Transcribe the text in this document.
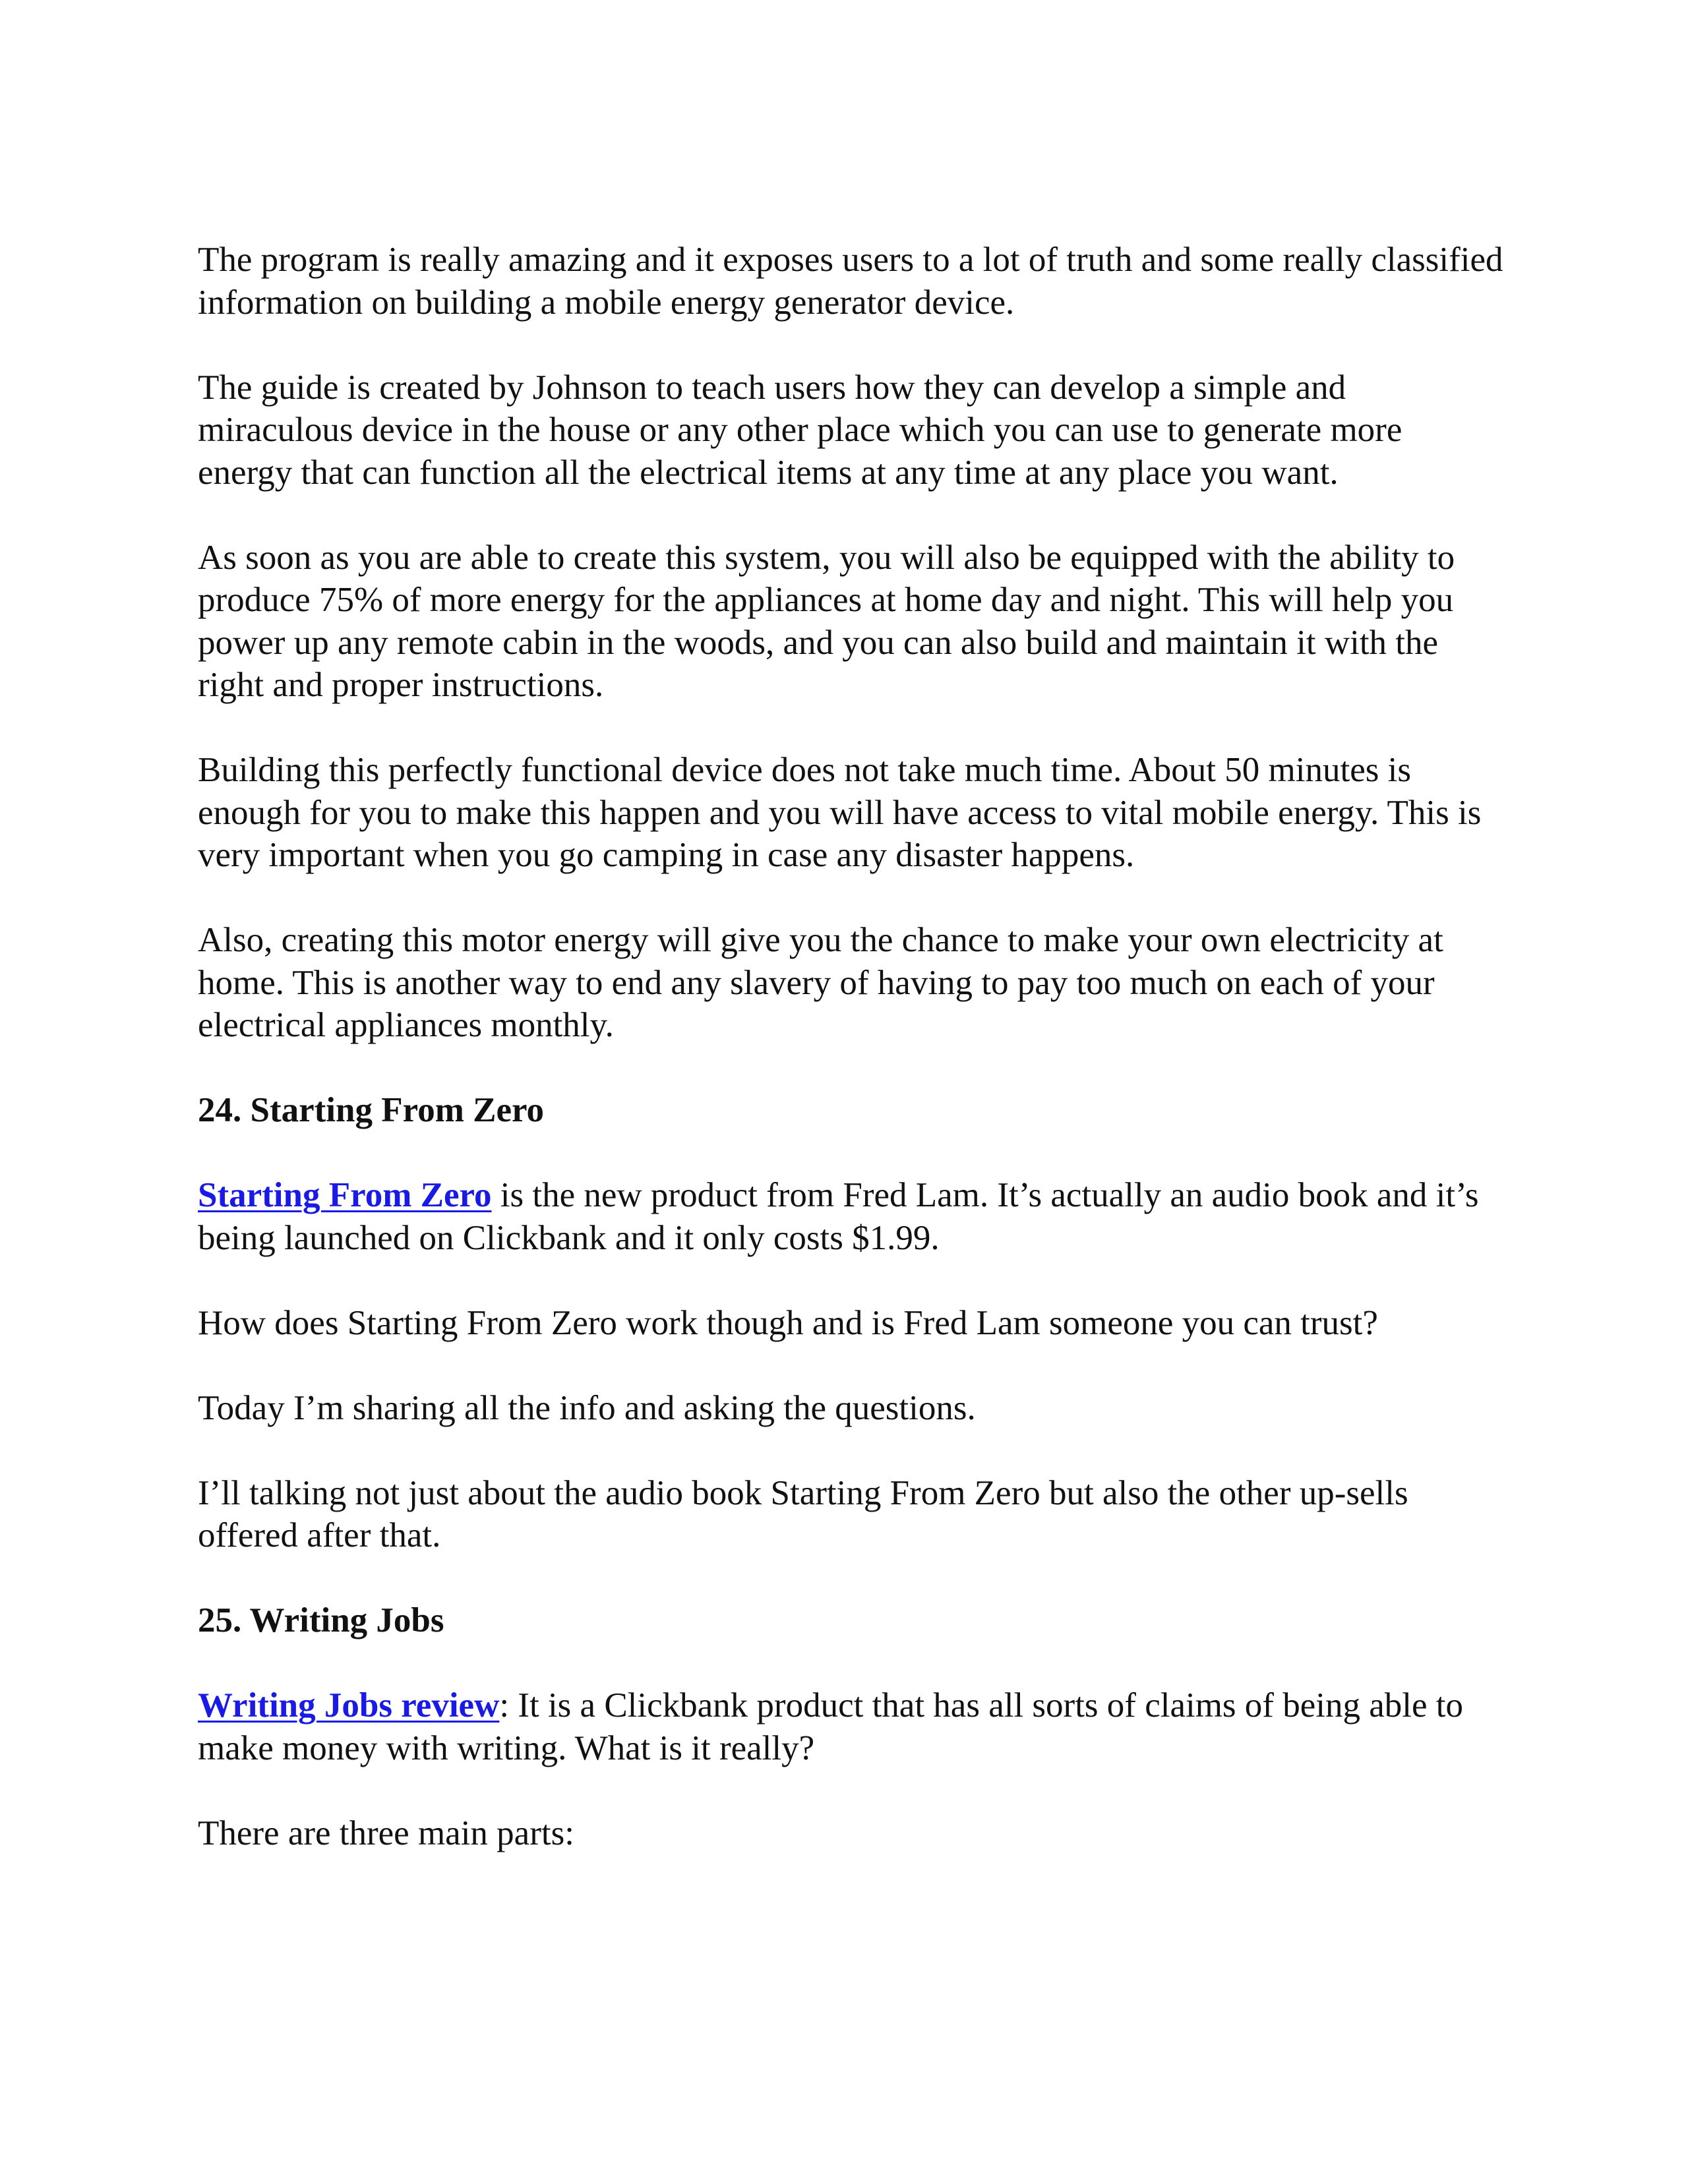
The program is really amazing and it exposes users to a lot of truth and some really classified information on building a mobile energy generator device.

The guide is created by Johnson to teach users how they can develop a simple and miraculous device in the house or any other place which you can use to generate more energy that can function all the electrical items at any time at any place you want.

As soon as you are able to create this system, you will also be equipped with the ability to produce 75% of more energy for the appliances at home day and night. This will help you power up any remote cabin in the woods, and you can also build and maintain it with the right and proper instructions.

Building this perfectly functional device does not take much time. About 50 minutes is enough for you to make this happen and you will have access to vital mobile energy. This is very important when you go camping in case any disaster happens.

Also, creating this motor energy will give you the chance to make your own electricity at home. This is another way to end any slavery of having to pay too much on each of your electrical appliances monthly.

24. Starting From Zero

Starting From Zero is the new product from Fred Lam. It’s actually an audio book and it’s being launched on Clickbank and it only costs $1.99.

How does Starting From Zero work though and is Fred Lam someone you can trust?

Today I’m sharing all the info and asking the questions.

I’ll talking not just about the audio book Starting From Zero but also the other up-sells offered after that.

25. Writing Jobs

Writing Jobs review: It is a Clickbank product that has all sorts of claims of being able to make money with writing. What is it really?

There are three main parts:
